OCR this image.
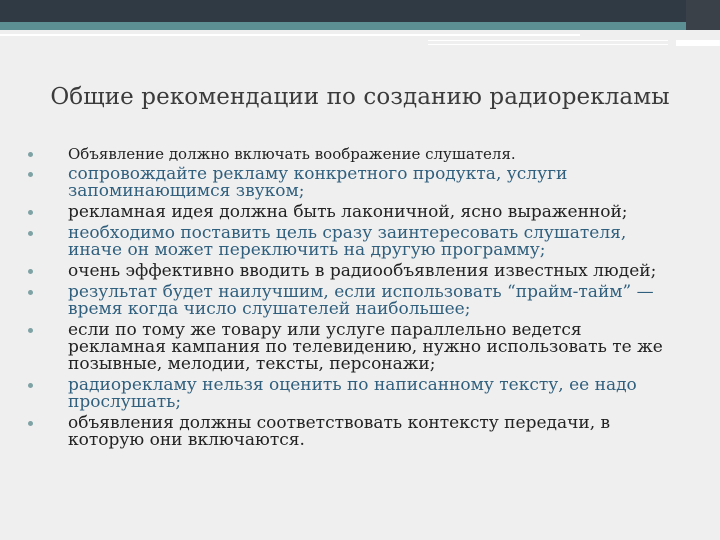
Общие рекомендации по созданию радиорекламы
Объявление должно включать воображение слушателя.
сопровождайте рекламу конкретного продукта, услуги запоминающимся звуком;
рекламная идея должна быть лаконичной, ясно выраженной;
необходимо поставить цель сразу заинтересовать слушателя, иначе он может переключить на другую программу;
очень эффективно вводить в радиообъявления известных людей;
результат будет наилучшим, если использовать “прайм-тайм” — время когда число слушателей наибольшее;
если по тому же товару или услуге параллельно ведется рекламная кампания по телевидению, нужно использовать те же позывные, мелодии, тексты, персонажи;
радиорекламу нельзя оценить по написанному тексту, ее надо прослушать;
объявления должны соответствовать контексту передачи, в которую они включаются.
